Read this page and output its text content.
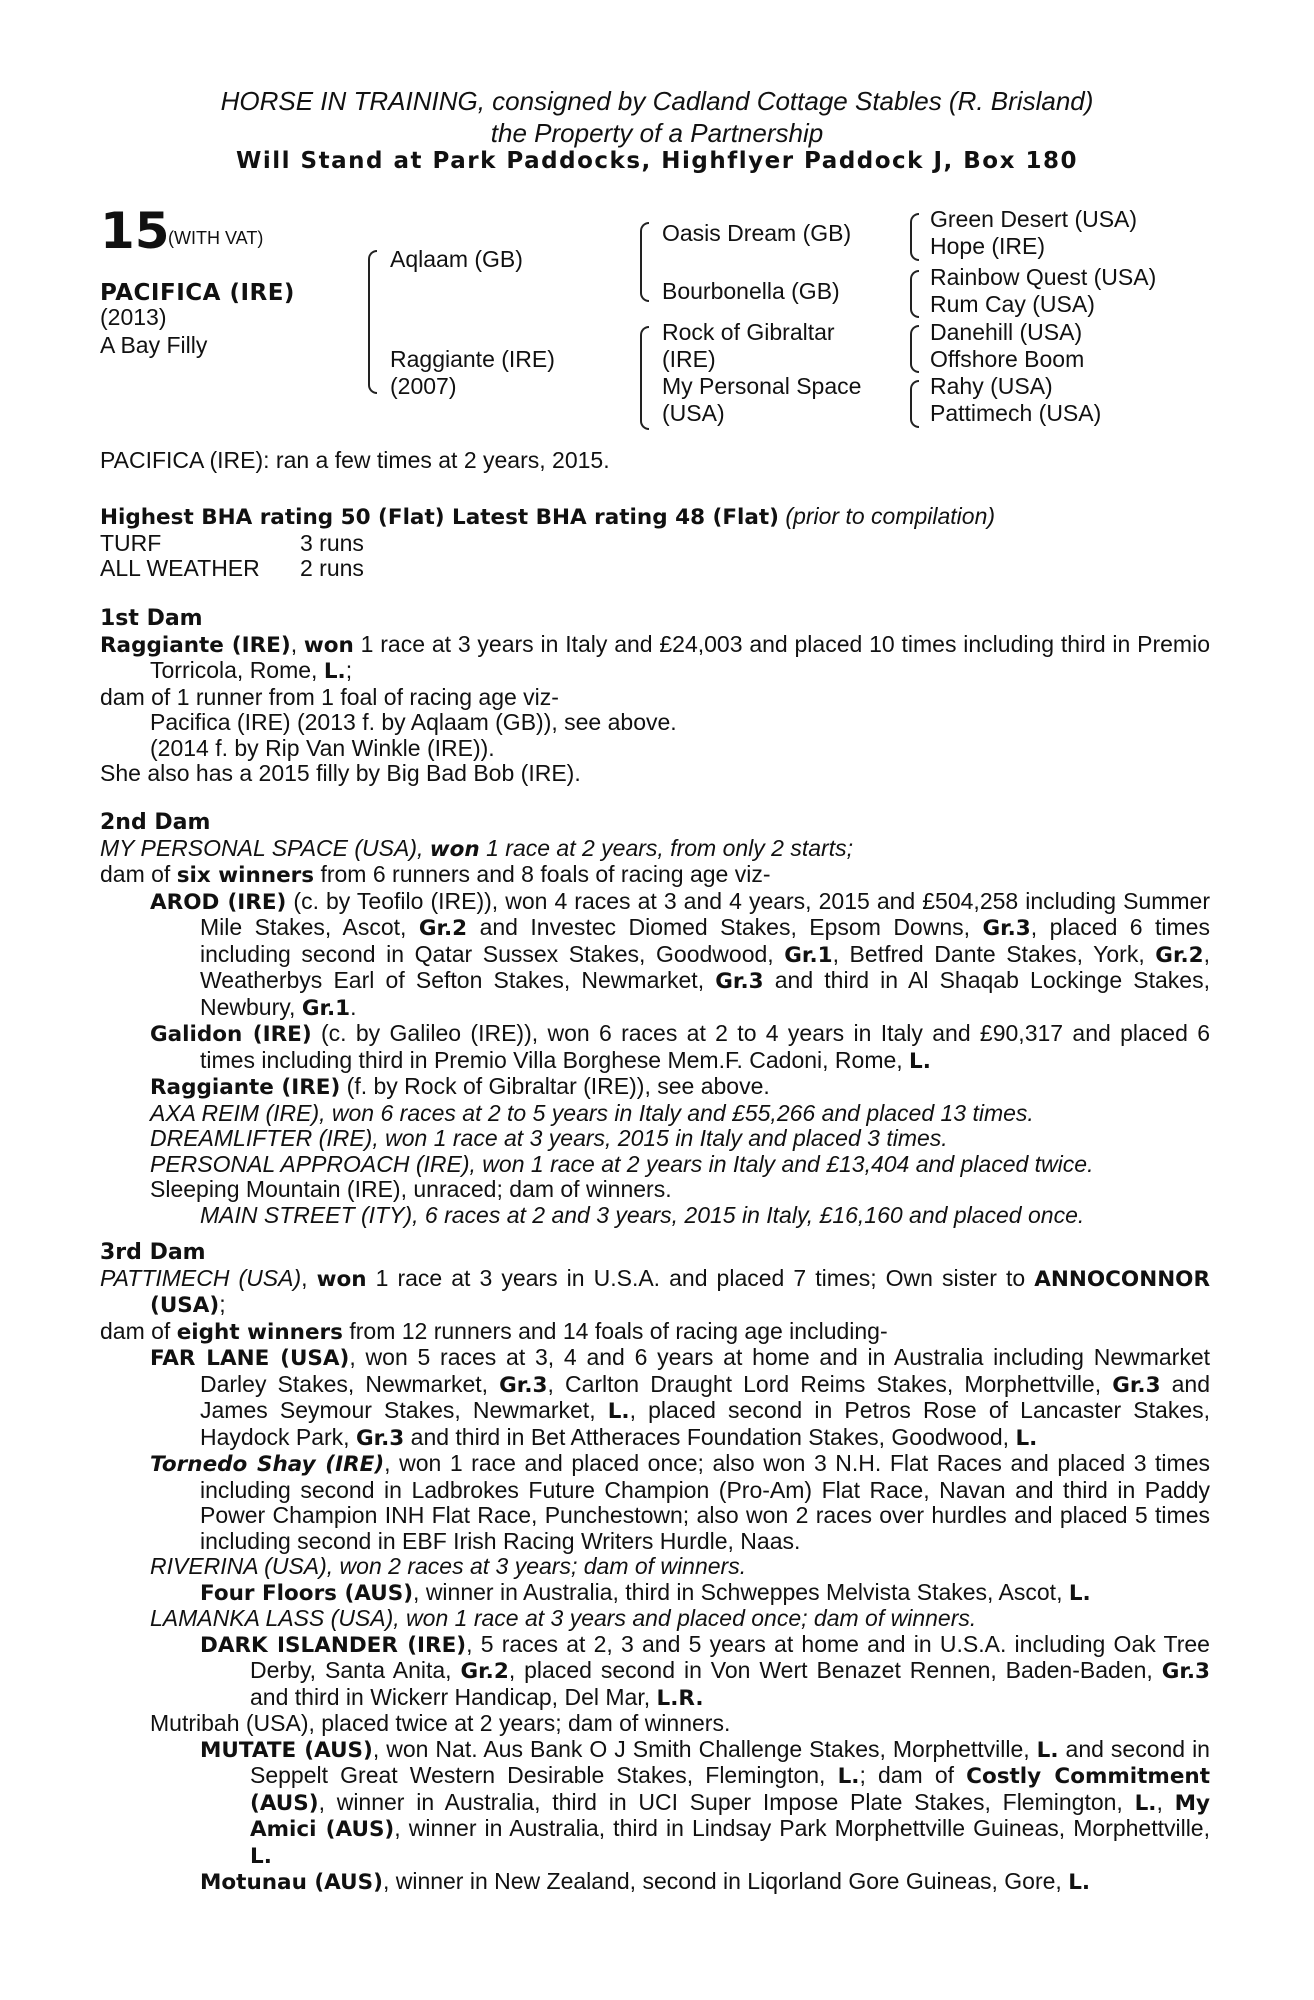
HORSE IN TRAINING, consigned by Cadland Cottage Stables (R. Brisland)
the Property of a Partnership
Will Stand at Park Paddocks, Highflyer Paddock J, Box 180
15
(WITH VAT)
PACIFICA (IRE)
(2013)
A Bay Filly
Aqlaam (GB)
Raggiante (IRE)
(2007)
Oasis Dream (GB)
Bourbonella (GB)
Rock of Gibraltar
(IRE)
My Personal Space
(USA)
Green Desert (USA)
Hope (IRE)
Rainbow Quest (USA)
Rum Cay (USA)
Danehill (USA)
Offshore Boom
Rahy (USA)
Pattimech (USA)
PACIFICA (IRE): ran a few times at 2 years, 2015.

Highest BHA rating 50 (Flat) Latest BHA rating 48 (Flat) (prior to compilation)

TURF	3 runs

ALL WEATHER 2 runs

1st Dam

Raggiante (IRE), won 1 race at 3 years in Italy and £24,003 and placed 10 times including third in Premio Torricola, Rome, L.;

dam of 1 runner from 1 foal of racing age viz-

Pacifica (IRE) (2013 f. by Aqlaam (GB)), see above.

(2014 f. by Rip Van Winkle (IRE)).

She also has a 2015 filly by Big Bad Bob (IRE).

2nd Dam

MY PERSONAL SPACE (USA), won 1 race at 2 years, from only 2 starts;

dam of six winners from 6 runners and 8 foals of racing age viz-

AROD (IRE) (c. by Teofilo (IRE)), won 4 races at 3 and 4 years, 2015 and £504,258 including Summer Mile Stakes, Ascot, Gr.2 and Investec Diomed Stakes, Epsom Downs, Gr.3, placed 6 times including second in Qatar Sussex Stakes, Goodwood, Gr.1, Betfred Dante Stakes, York, Gr.2, Weatherbys Earl of Sefton Stakes, Newmarket, Gr.3 and third in Al Shaqab Lockinge Stakes, Newbury, Gr.1.

Galidon (IRE) (c. by Galileo (IRE)), won 6 races at 2 to 4 years in Italy and £90,317 and placed 6 times including third in Premio Villa Borghese Mem.F. Cadoni, Rome, L.

Raggiante (IRE) (f. by Rock of Gibraltar (IRE)), see above.

AXA REIM (IRE), won 6 races at 2 to 5 years in Italy and £55,266 and placed 13 times.

DREAMLIFTER (IRE), won 1 race at 3 years, 2015 in Italy and placed 3 times.

PERSONAL APPROACH (IRE), won 1 race at 2 years in Italy and £13,404 and placed twice.

Sleeping Mountain (IRE), unraced; dam of winners.

MAIN STREET (ITY), 6 races at 2 and 3 years, 2015 in Italy, £16,160 and placed once.

3rd Dam

PATTIMECH (USA), won 1 race at 3 years in U.S.A. and placed 7 times; Own sister to ANNOCONNOR (USA);

dam of eight winners from 12 runners and 14 foals of racing age including-

FAR LANE (USA), won 5 races at 3, 4 and 6 years at home and in Australia including Newmarket Darley Stakes, Newmarket, Gr.3, Carlton Draught Lord Reims Stakes, Morphettville, Gr.3 and James Seymour Stakes, Newmarket, L., placed second in Petros Rose of Lancaster Stakes, Haydock Park, Gr.3 and third in Bet Attheraces Foundation Stakes, Goodwood, L.

Tornedo Shay (IRE), won 1 race and placed once; also won 3 N.H. Flat Races and placed 3 times including second in Ladbrokes Future Champion (Pro-Am) Flat Race, Navan and third in Paddy Power Champion INH Flat Race, Punchestown; also won 2 races over hurdles and placed 5 times including second in EBF Irish Racing Writers Hurdle, Naas.

RIVERINA (USA), won 2 races at 3 years; dam of winners.

Four Floors (AUS), winner in Australia, third in Schweppes Melvista Stakes, Ascot, L.

LAMANKA LASS (USA), won 1 race at 3 years and placed once; dam of winners.

DARK ISLANDER (IRE), 5 races at 2, 3 and 5 years at home and in U.S.A. including Oak Tree Derby, Santa Anita, Gr.2, placed second in Von Wert Benazet Rennen, Baden-Baden, Gr.3 and third in Wickerr Handicap, Del Mar, L.R.

Mutribah (USA), placed twice at 2 years; dam of winners.

MUTATE (AUS), won Nat. Aus Bank O J Smith Challenge Stakes, Morphettville, L. and second in Seppelt Great Western Desirable Stakes, Flemington, L.; dam of Costly Commitment (AUS), winner in Australia, third in UCI Super Impose Plate Stakes, Flemington, L., My Amici (AUS), winner in Australia, third in Lindsay Park Morphettville Guineas, Morphettville, L.

Motunau (AUS), winner in New Zealand, second in Liqorland Gore Guineas, Gore, L.
